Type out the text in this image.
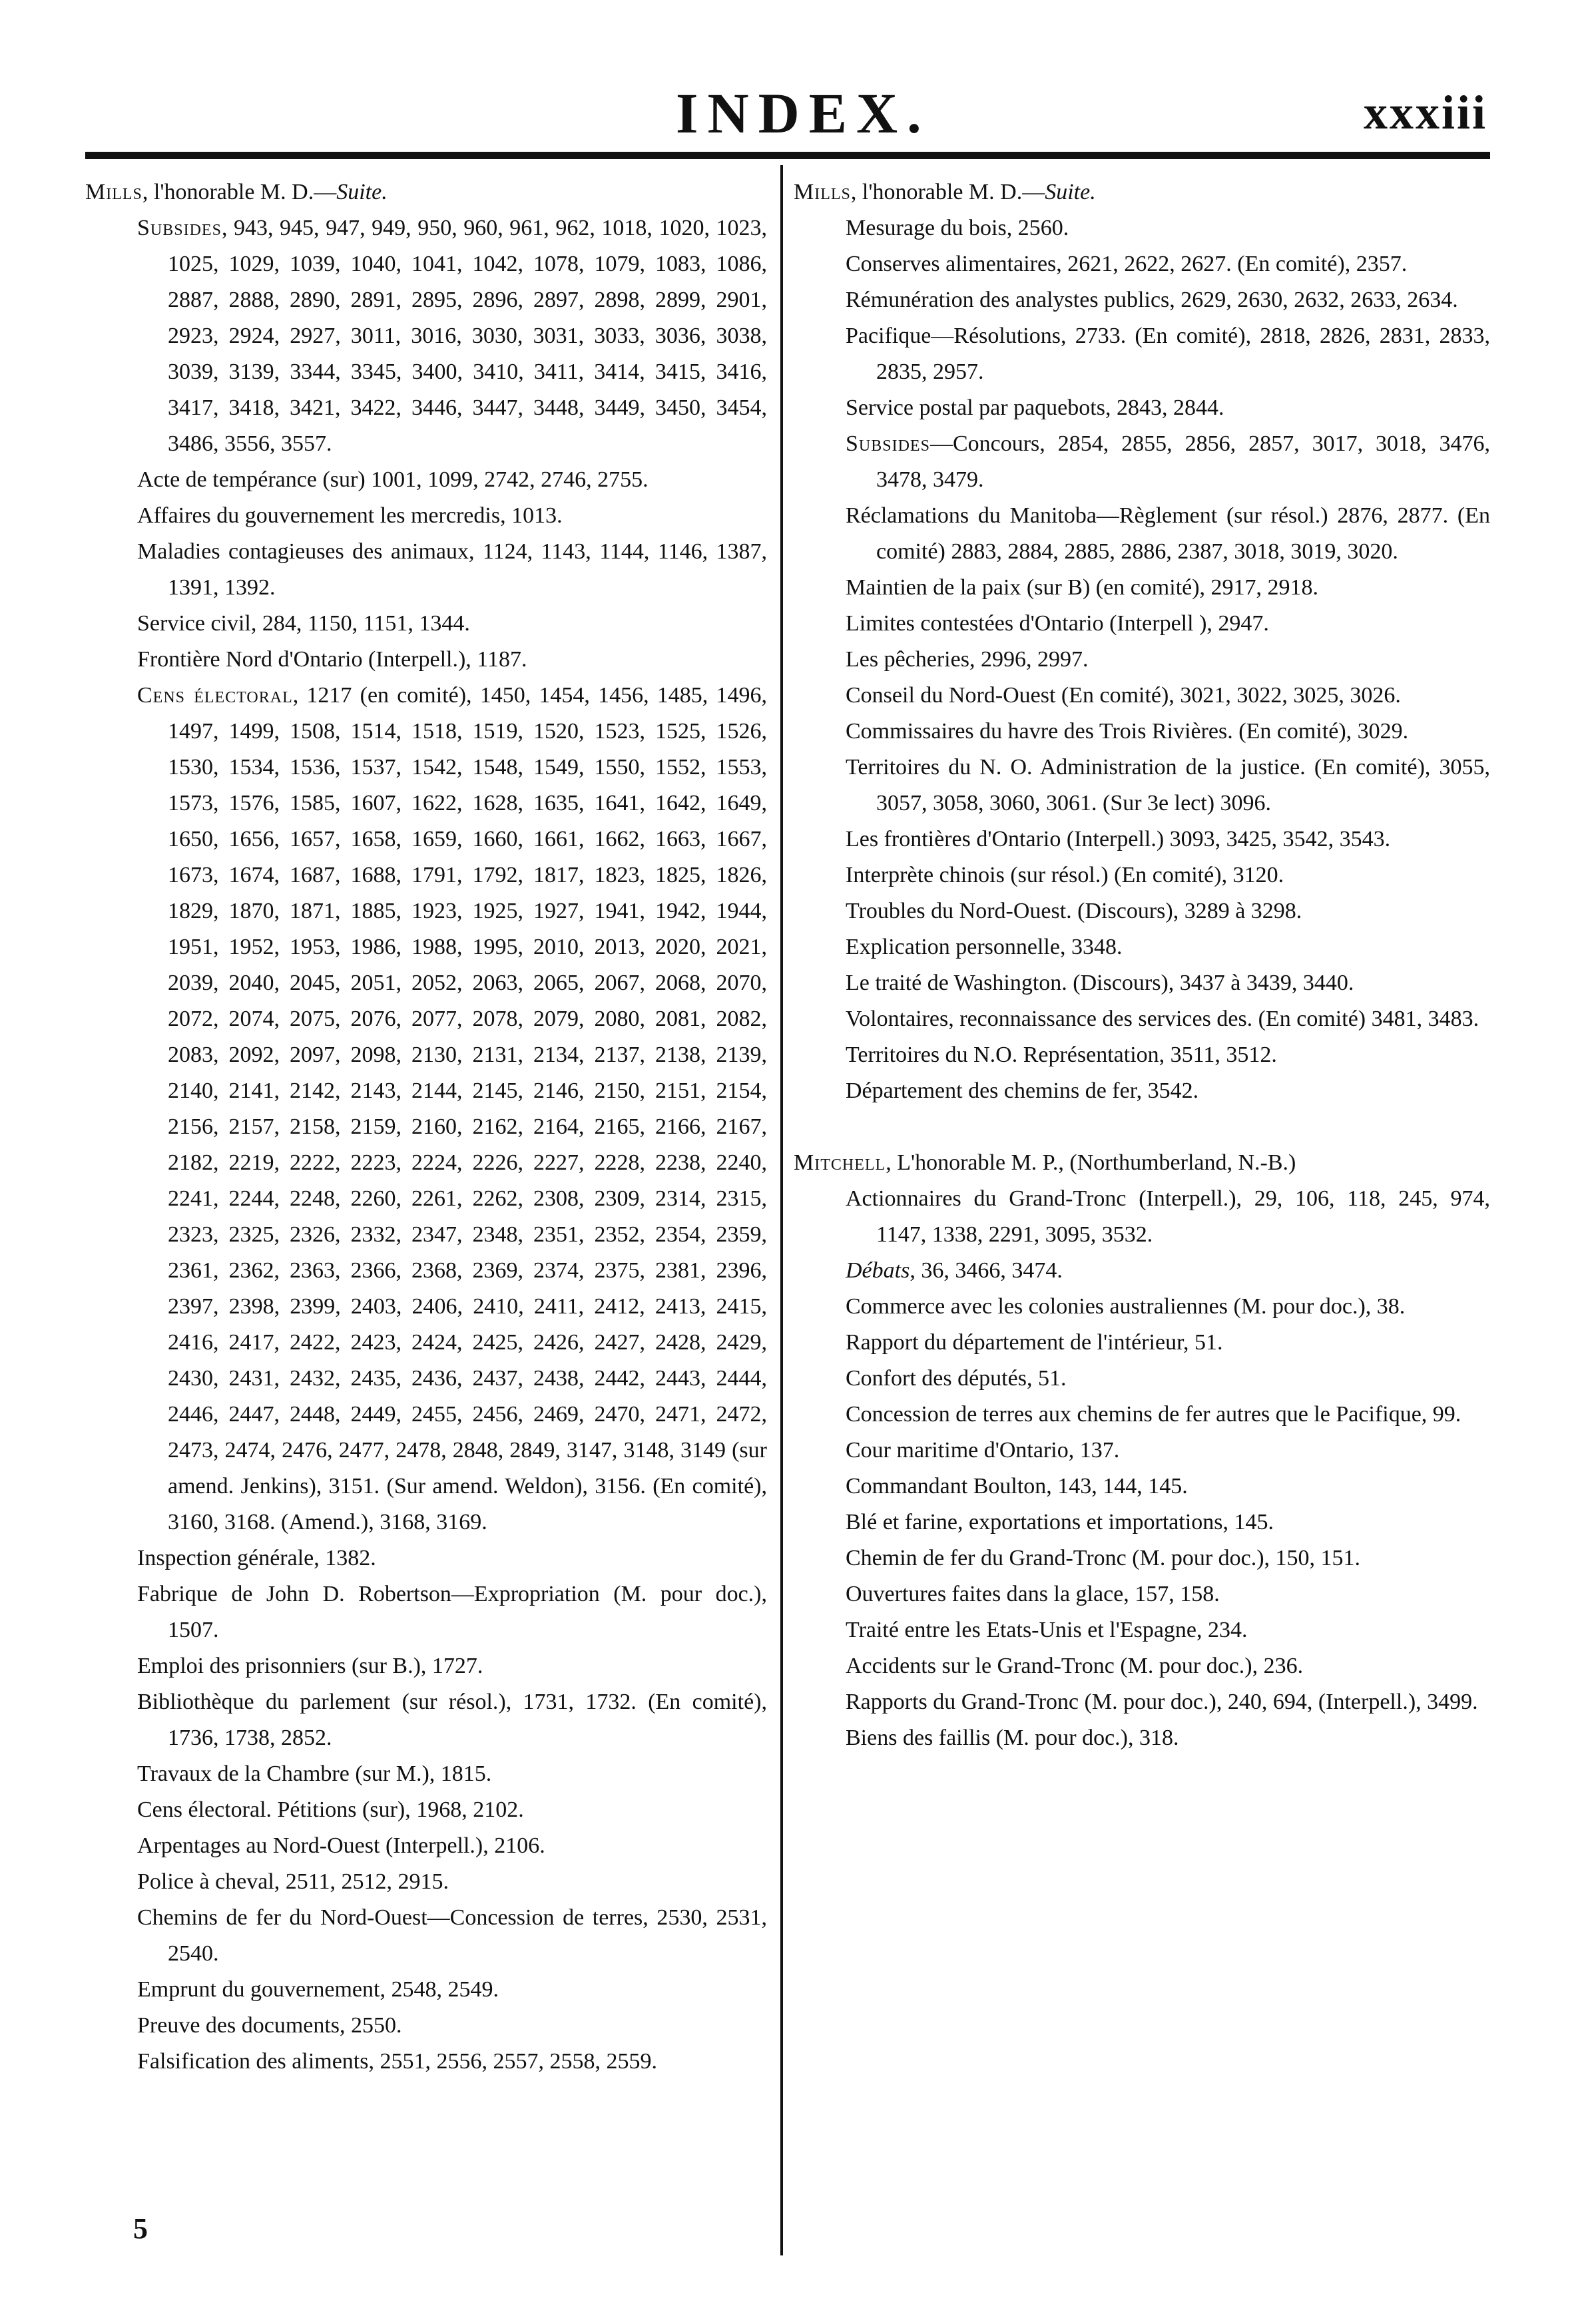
INDEX.	xxxiii
Mills, l'honorable M. D.—Suite.
Subsides, 943, 945, 947, 949, 950, 960, 961, 962, 1018, 1020, 1023, 1025, 1029, 1039, 1040, 1041, 1042, 1078, 1079, 1083, 1086, 2887, 2888, 2890, 2891, 2895, 2896, 2897, 2898, 2899, 2901, 2923, 2924, 2927, 3011, 3016, 3030, 3031, 3033, 3036, 3038, 3039, 3139, 3344, 3345, 3400, 3410, 3411, 3414, 3415, 3416, 3417, 3418, 3421, 3422, 3446, 3447, 3448, 3449, 3450, 3454, 3486, 3556, 3557.
Acte de tempérance (sur) 1001, 1099, 2742, 2746, 2755.
Affaires du gouvernement les mercredis, 1013.
Maladies contagieuses des animaux, 1124, 1143, 1144, 1146, 1387, 1391, 1392.
Service civil, 284, 1150, 1151, 1344.
Frontière Nord d'Ontario (Interpell.), 1187.
Cens électoral, 1217 (en comité), 1450, 1454, 1456, 1485, 1496, 1497, 1499, 1508, 1514, 1518, 1519, 1520, 1523, 1525, 1526, 1530, 1534, 1536, 1537, 1542, 1548, 1549, 1550, 1552, 1553, 1573, 1576, 1585, 1607, 1622, 1628, 1635, 1641, 1642, 1649, 1650, 1656, 1657, 1658, 1659, 1660, 1661, 1662, 1663, 1667, 1673, 1674, 1687, 1688, 1791, 1792, 1817, 1823, 1825, 1826, 1829, 1870, 1871, 1885, 1923, 1925, 1927, 1941, 1942, 1944, 1951, 1952, 1953, 1986, 1988, 1995, 2010, 2013, 2020, 2021, 2039, 2040, 2045, 2051, 2052, 2063, 2065, 2067, 2068, 2070, 2072, 2074, 2075, 2076, 2077, 2078, 2079, 2080, 2081, 2082, 2083, 2092, 2097, 2098, 2130, 2131, 2134, 2137, 2138, 2139, 2140, 2141, 2142, 2143, 2144, 2145, 2146, 2150, 2151, 2154, 2156, 2157, 2158, 2159, 2160, 2162, 2164, 2165, 2166, 2167, 2182, 2219, 2222, 2223, 2224, 2226, 2227, 2228, 2238, 2240, 2241, 2244, 2248, 2260, 2261, 2262, 2308, 2309, 2314, 2315, 2323, 2325, 2326, 2332, 2347, 2348, 2351, 2352, 2354, 2359, 2361, 2362, 2363, 2366, 2368, 2369, 2374, 2375, 2381, 2396, 2397, 2398, 2399, 2403, 2406, 2410, 2411, 2412, 2413, 2415, 2416, 2417, 2422, 2423, 2424, 2425, 2426, 2427, 2428, 2429, 2430, 2431, 2432, 2435, 2436, 2437, 2438, 2442, 2443, 2444, 2446, 2447, 2448, 2449, 2455, 2456, 2469, 2470, 2471, 2472, 2473, 2474, 2476, 2477, 2478, 2848, 2849, 3147, 3148, 3149 (sur amend. Jenkins), 3151. (Sur amend. Weldon), 3156. (En comité), 3160, 3168. (Amend.), 3168, 3169.
Inspection générale, 1382.
Fabrique de John D. Robertson—Expropriation (M. pour doc.), 1507.
Emploi des prisonniers (sur B.), 1727.
Bibliothèque du parlement (sur résol.), 1731, 1732. (En comité), 1736, 1738, 2852.
Travaux de la Chambre (sur M.), 1815.
Cens électoral. Pétitions (sur), 1968, 2102.
Arpentages au Nord-Ouest (Interpell.), 2106.
Police à cheval, 2511, 2512, 2915.
Chemins de fer du Nord-Ouest—Concession de terres, 2530, 2531, 2540.
Emprunt du gouvernement, 2548, 2549.
Preuve des documents, 2550.
Falsification des aliments, 2551, 2556, 2557, 2558, 2559.
Mills, l'honorable M. D.—Suite.
Mesurage du bois, 2560.
Conserves alimentaires, 2621, 2622, 2627. (En comité), 2357.
Rémunération des analystes publics, 2629, 2630, 2632, 2633, 2634.
Pacifique—Résolutions, 2733. (En comité), 2818, 2826, 2831, 2833, 2835, 2957.
Service postal par paquebots, 2843, 2844.
Subsides—Concours, 2854, 2855, 2856, 2857, 3017, 3018, 3476, 3478, 3479.
Réclamations du Manitoba—Règlement (sur résol.) 2876, 2877. (En comité) 2883, 2884, 2885, 2886, 2387, 3018, 3019, 3020.
Maintien de la paix (sur B) (en comité), 2917, 2918.
Limites contestées d'Ontario (Interpell ), 2947.
Les pêcheries, 2996, 2997.
Conseil du Nord-Ouest (En comité), 3021, 3022, 3025, 3026.
Commissaires du havre des Trois Rivières. (En comité), 3029.
Territoires du N. O. Administration de la justice. (En comité), 3055, 3057, 3058, 3060, 3061. (Sur 3e lect) 3096.
Les frontières d'Ontario (Interpell.) 3093, 3425, 3542, 3543.
Interprète chinois (sur résol.) (En comité), 3120.
Troubles du Nord-Ouest. (Discours), 3289 à 3298.
Explication personnelle, 3348.
Le traité de Washington. (Discours), 3437 à 3439, 3440.
Volontaires, reconnaissance des services des. (En comité) 3481, 3483.
Territoires du N.O. Représentation, 3511, 3512.
Département des chemins de fer, 3542.
Mitchell, L'honorable M. P., (Northumberland, N.-B.)
Actionnaires du Grand-Tronc (Interpell.), 29, 106, 118, 245, 974, 1147, 1338, 2291, 3095, 3532.
Débats, 36, 3466, 3474.
Commerce avec les colonies australiennes (M. pour doc.), 38.
Rapport du département de l'intérieur, 51.
Confort des députés, 51.
Concession de terres aux chemins de fer autres que le Pacifique, 99.
Cour maritime d'Ontario, 137.
Commandant Boulton, 143, 144, 145.
Blé et farine, exportations et importations, 145.
Chemin de fer du Grand-Tronc (M. pour doc.), 150, 151.
Ouvertures faites dans la glace, 157, 158.
Traité entre les Etats-Unis et l'Espagne, 234.
Accidents sur le Grand-Tronc (M. pour doc.), 236.
Rapports du Grand-Tronc (M. pour doc.), 240, 694, (Interpell.), 3499.
Biens des faillis (M. pour doc.), 318.
5
